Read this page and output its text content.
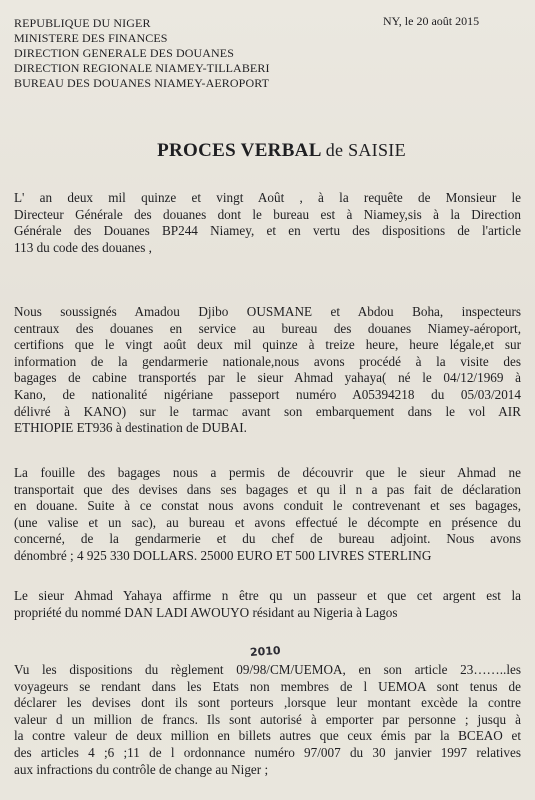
REPUBLIQUE DU NIGER
MINISTERE DES FINANCES
DIRECTION GENERALE DES DOUANES
DIRECTION REGIONALE NIAMEY-TILLABERI
BUREAU DES DOUANES NIAMEY-AEROPORT
NY, le 20 août 2015
PROCES VERBAL de SAISIE
L' an deux mil quinze et vingt Août , à la requête de Monsieur le
Directeur Générale des douanes dont le bureau est à Niamey,sis à la Direction
Générale des Douanes BP244 Niamey, et en vertu des dispositions de l'article
113 du code des douanes ,
Nous soussignés Amadou Djibo OUSMANE et Abdou Boha, inspecteurs
centraux des douanes en service au bureau des douanes Niamey-aéroport,
certifions que le vingt août deux mil quinze à treize heure, heure légale,et sur
information de la gendarmerie nationale,nous avons procédé à la visite des
bagages de cabine transportés par le sieur Ahmad yahaya( né le 04/12/1969 à
Kano, de nationalité nigériane passeport numéro A05394218 du 05/03/2014
délivré à KANO) sur le tarmac avant son embarquement dans le vol AIR
ETHIOPIE ET936 à destination de DUBAI.
La fouille des bagages nous a permis de découvrir que le sieur Ahmad ne
transportait que des devises dans ses bagages et qu il n a pas fait de déclaration
en douane. Suite à ce constat nous avons conduit le contrevenant et ses bagages,
(une valise et un sac), au bureau et avons effectué le décompte en présence du
concerné, de la gendarmerie et du chef de bureau adjoint. Nous avons
dénombré ; 4 925 330 DOLLARS. 25000 EURO ET 500 LIVRES STERLING
Le sieur Ahmad Yahaya affirme n être qu un passeur et que cet argent est la
propriété du nommé DAN LADI AWOUYO résidant au Nigeria à Lagos
2010
Vu les dispositions du règlement 09/98/CM/UEMOA, en son article 23……..les
voyageurs se rendant dans les Etats non membres de l UEMOA sont tenus de
déclarer les devises dont ils sont porteurs ,lorsque leur montant excède la contre
valeur d un million de francs. Ils sont autorisé à emporter par personne ; jusqu à
la contre valeur de deux million en billets autres que ceux émis par la BCEAO et
des articles 4 ;6 ;11 de l ordonnance numéro 97/007 du 30 janvier 1997 relatives
aux infractions du contrôle de change au Niger ;
